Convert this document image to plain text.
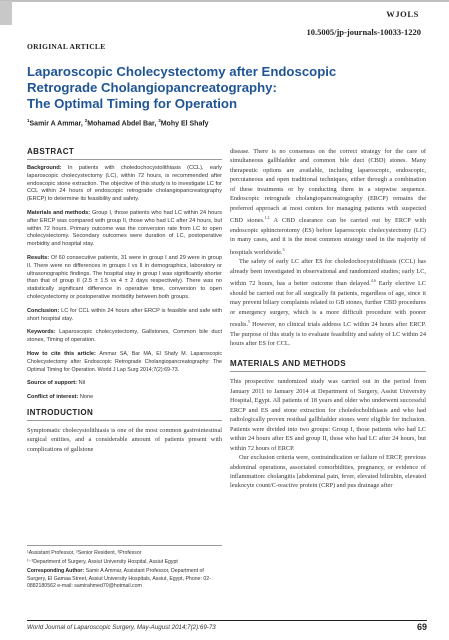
WJOLS
10.5005/jp-journals-10033-1220
ORIGINAL ARTICLE
Laparoscopic Cholecystectomy after Endoscopic
Retrograde Cholangiopancreatography:
The Optimal Timing for Operation
$^1$Samir A Ammar, $^2$Mohamad Abdel Bar, $^3$Mohy El Shafy
ABSTRACT

Background: In patients with choledochocystolithiasis (CCL), early laparoscopic cholecystectomy (LC), within 72 hours, is recommended after endoscopic stone extraction. The objective of this study is to investigate LC for CCL within 24 hours of endoscopic retrograde cholangiopancreatography (ERCP) to determine its feasibility and safety.

Materials and methods: Group I, those patients who had LC within 24 hours after ERCP was compared with group II, those who had LC after 24 hours, but within 72 hours. Primary outcome was the conversion rate from LC to open cholecystectomy. Secondary outcomes were duration of LC, postoperative morbidity and hospital stay.

Results: Of 60 consecutive patients, 31 were in group I and 29 were in group II. There were no differences in groups I vs II in demographics, laboratory or ultrasonographic findings. The hospital stay in group I was significantly shorter than that of group II (2.5 ± 1.5 vs 4 ± 2 days respectively). There was no statistically significant difference in operative time, conversion to open cholecystectomy or postoperative morbidity between both groups.

Conclusion: LC for CCL within 24 hours after ERCP is feasible and safe with short hospital stay.

Keywords: Laparoscopic cholecystectomy, Gallstones, Common bile duct stones, Timing of operation.

How to cite this article: Ammar SA, Bar MA, El Shafy M. Laparoscopic Cholecystectomy after Endoscopic Retrograde Cholangiopancreatography: The Optimal Timing for Operation. World J Lap Surg 2014;7(2):69-73.

Source of support: Nil

Conflict of interest: None

INTRODUCTION

Symptomatic cholecystolithiasis is one of the most common gastrointestinal surgical entities, and a considerable amount of patients present with complications of gallstone

¹Assistant Professor, ²Senior Resident, ³Professor

¹⁻³Department of Surgery, Assiut University Hospital, Assiut Egypt

Corresponding Author: Samir A Ammar, Assistant Professor, Department of Surgery, El Gamaa Street, Assiut University Hospitals, Assiut, Egypt, Phone: 02-0882180562 e-mail: samirahmed70@hotmail.com

disease. There is no consensus on the correct strategy for the care of simultaneous gallbladder and common bile duct (CBD) stones. Many therapeutic options are available, including laparoscopic, endoscopic, percutaneous and open traditional techniques, either through a combination of these treatments or by conducting them in a stepwise sequence. Endoscopic retrograde cholangiopancreatography (ERCP) remains the preferred approach at most centers for managing patients with suspected CBD stones.$^{1,2}$ A CBD clearance can be carried out by ERCP with endoscopic sphincterotomy (ES) before laparoscopic cholecystectomy (LC) in many cases, and it is the most common strategy used in the majority of hospitals worldwide.$^3$

The safety of early LC after ES for choledochocystolithiasis (CCL) has already been investigated in observational and randomized studies; early LC, within 72 hours, has a better outcome than delayed.$^{4,6}$ Early elective LC should be carried out for all surgically fit patients, regardless of age, since it may prevent biliary complaints related to GB stones, further CBD procedures or emergency surgery, which is a more difficult procedure with poorer results.$^5$ However, no clinical trials address LC within 24 hours after ERCP. The purpose of this study is to evaluate feasibility and safety of LC within 24 hours after ES for CCL.

MATERIALS AND METHODS

This prospective randomized study was carried out in the period from January 2011 to January 2014 at Department of Surgery, Assiut University Hospital, Egypt. All patients of 18 years and older who underwent successful ERCP and ES and stone extraction for choledocholithiasis and who had radiologically proven residual gallbladder stones were eligible for inclusion. Patients were divided into two groups: Group I, those patients who had LC within 24 hours after ES and group II, those who had LC after 24 hours, but within 72 hours of ERCP.

Our exclusion criteria were, contraindication or failure of ERCP, previous abdominal operations, associated comorbidities, pregnancy, or evidence of inflammation: cholangitis [abdominal pain, fever, elevated bilirubin, elevated leukocyte count/C-reactive protein (CRP) and pus drainage after

World Journal of Laparoscopic Surgery, May-August 2014;7(2):69-73	69
